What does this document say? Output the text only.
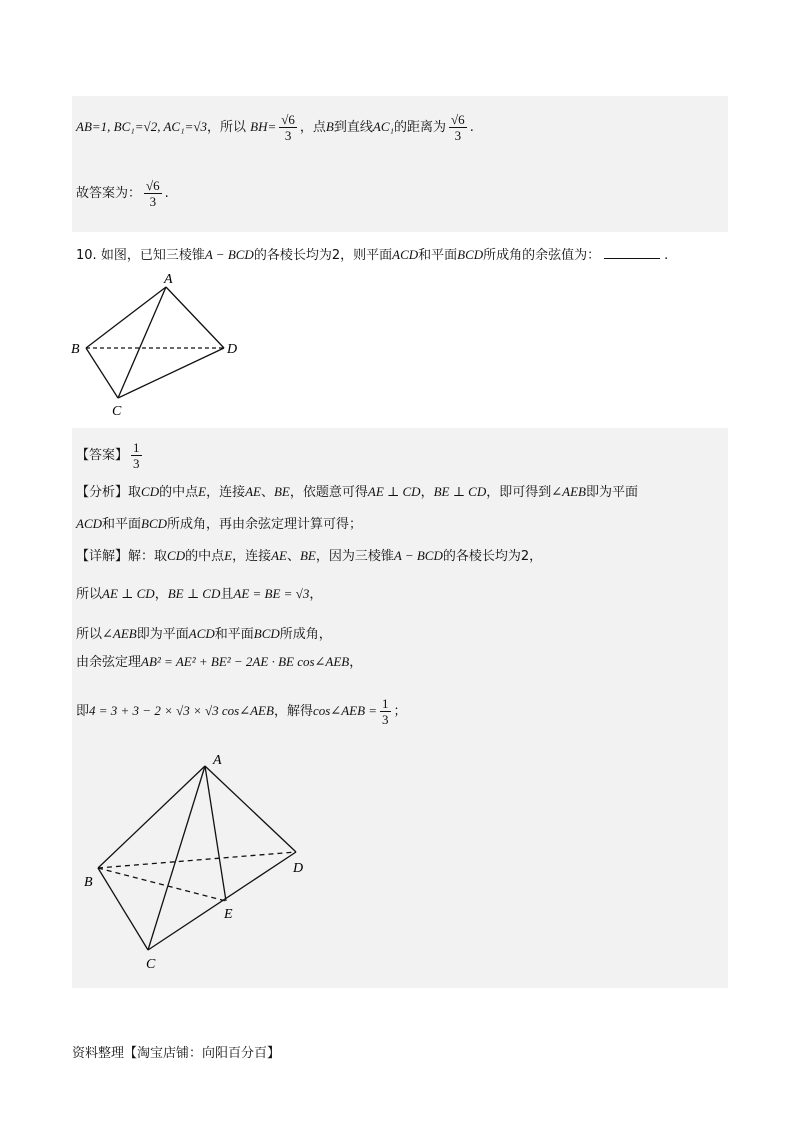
AB=1, BC₁=√2, AC₁=√3，所以 $BH= \frac{√6}{3}$ ，点B到直线AC₁的距离为 $\frac{√6}{3}$ .
故答案为： $\frac{√6}{3}$ .
10. 如图，已知三棱锥A − BCD的各棱长均为2，则平面ACD和平面BCD所成角的余弦值为：	.
A
B
C
D
【答案】 $\frac{1}{3}$
【分析】取CD的中点E，连接AE、BE，依题意可得AE ⊥ CD，BE ⊥ CD，即可得到∠AEB即为平面
ACD和平面BCD所成角，再由余弦定理计算可得；
【详解】解：取CD的中点E，连接AE、BE，因为三棱锥A − BCD的各棱长均为2，
所以AE ⊥ CD，BE ⊥ CD且AE = BE = √3，
所以∠AEB即为平面ACD和平面BCD所成角，
由余弦定理AB² = AE² + BE² − 2AE · BE cos∠AEB，
即4 = 3 + 3 − 2 × √3 × √3 cos∠AEB，解得cos∠AEB = $\frac{1}{3}$ ；
A
B
C
D
E
资料整理【淘宝店铺：向阳百分百】
